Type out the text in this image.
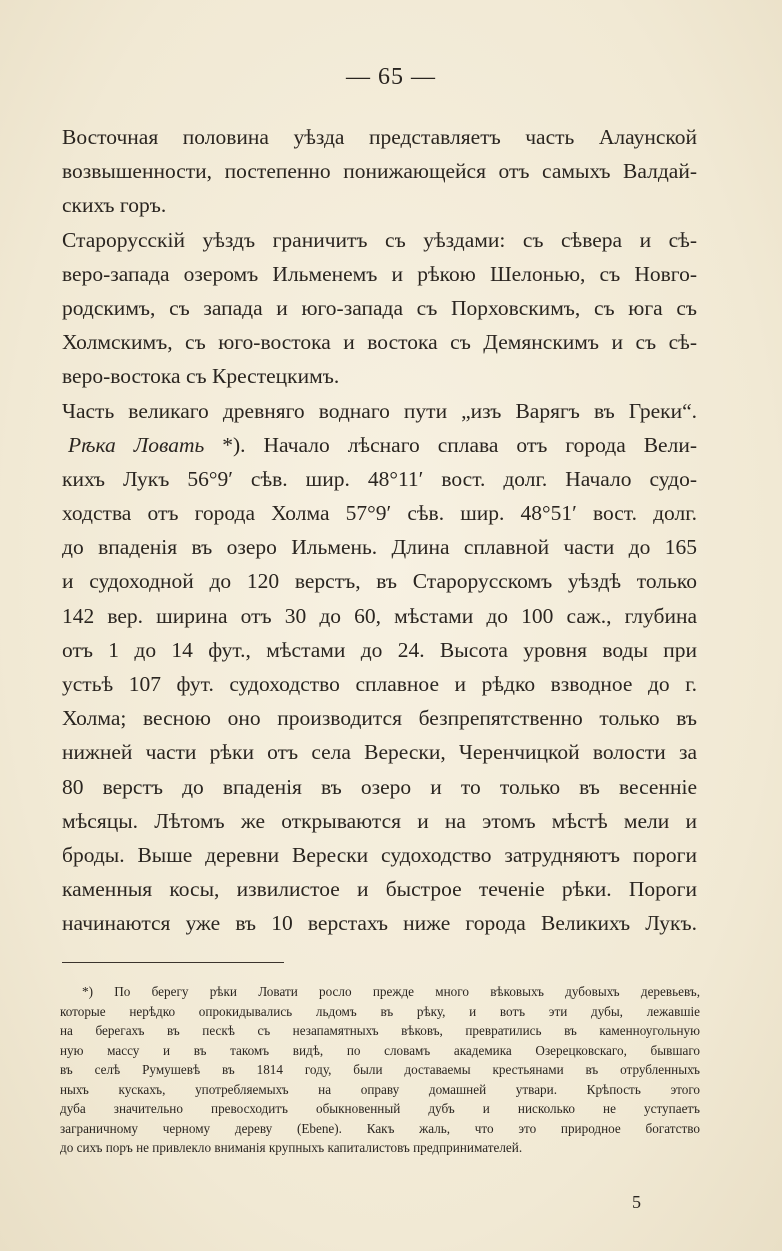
— 65 —
Восточная половина уѣзда представляетъ часть Алаунской
возвышенности, постепенно понижающейся отъ самыхъ Валдай-
скихъ горъ.
Старорусскій уѣздъ граничитъ съ уѣздами: съ сѣвера и сѣ-
веро-запада озеромъ Ильменемъ и рѣкою Шелонью, съ Новго-
родскимъ, съ запада и юго-запада съ Порховскимъ, съ юга съ
Холмскимъ, съ юго-востока и востока съ Демянскимъ и съ сѣ-
веро-востока съ Крестецкимъ.
Часть великаго древняго воднаго пути „изъ Варягъ въ Греки“.
Рѣка Ловать *). Начало лѣснаго сплава отъ города Вели-
кихъ Лукъ 56°9′ сѣв. шир. 48°11′ вост. долг. Начало судо-
ходства отъ города Холма 57°9′ сѣв. шир. 48°51′ вост. долг.
до впаденія въ озеро Ильмень. Длина сплавной части до 165
и судоходной до 120 верстъ, въ Старорусскомъ уѣздѣ только
142 вер. ширина отъ 30 до 60, мѣстами до 100 саж., глубина
отъ 1 до 14 фут., мѣстами до 24. Высота уровня воды при
устьѣ 107 фут. судоходство сплавное и рѣдко взводное до г.
Холма; весною оно производится безпрепятственно только въ
нижней части рѣки отъ села Верески, Черенчицкой волости за
80 верстъ до впаденія въ озеро и то только въ весенніе
мѣсяцы. Лѣтомъ же открываются и на этомъ мѣстѣ мели и
броды. Выше деревни Верески судоходство затрудняютъ пороги
каменныя косы, извилистое и быстрое теченіе рѣки. Пороги
начинаются уже въ 10 верстахъ ниже города Великихъ Лукъ.
*) По берегу рѣки Ловати росло прежде много вѣковыхъ дубовыхъ деревьевъ,
которые нерѣдко опрокидывались льдомъ въ рѣку, и вотъ эти дубы, лежавшіе
на берегахъ въ пескѣ съ незапамятныхъ вѣковъ, превратились въ каменноугольную
ную массу и въ такомъ видѣ, по словамъ академика Озерецковскаго, бывшаго
въ селѣ Румушевѣ въ 1814 году, были доставаемы крестьянами въ отрубленныхъ
ныхъ кускахъ, употребляемыхъ на оправу домашней утвари. Крѣпость этого
дуба значительно превосходитъ обыкновенный дубъ и нисколько не уступаетъ
заграничному черному дереву (Ebene). Какъ жаль, что это природное богатство
до сихъ поръ не привлекло вниманія крупныхъ капиталистовъ предпринимателей.
5
